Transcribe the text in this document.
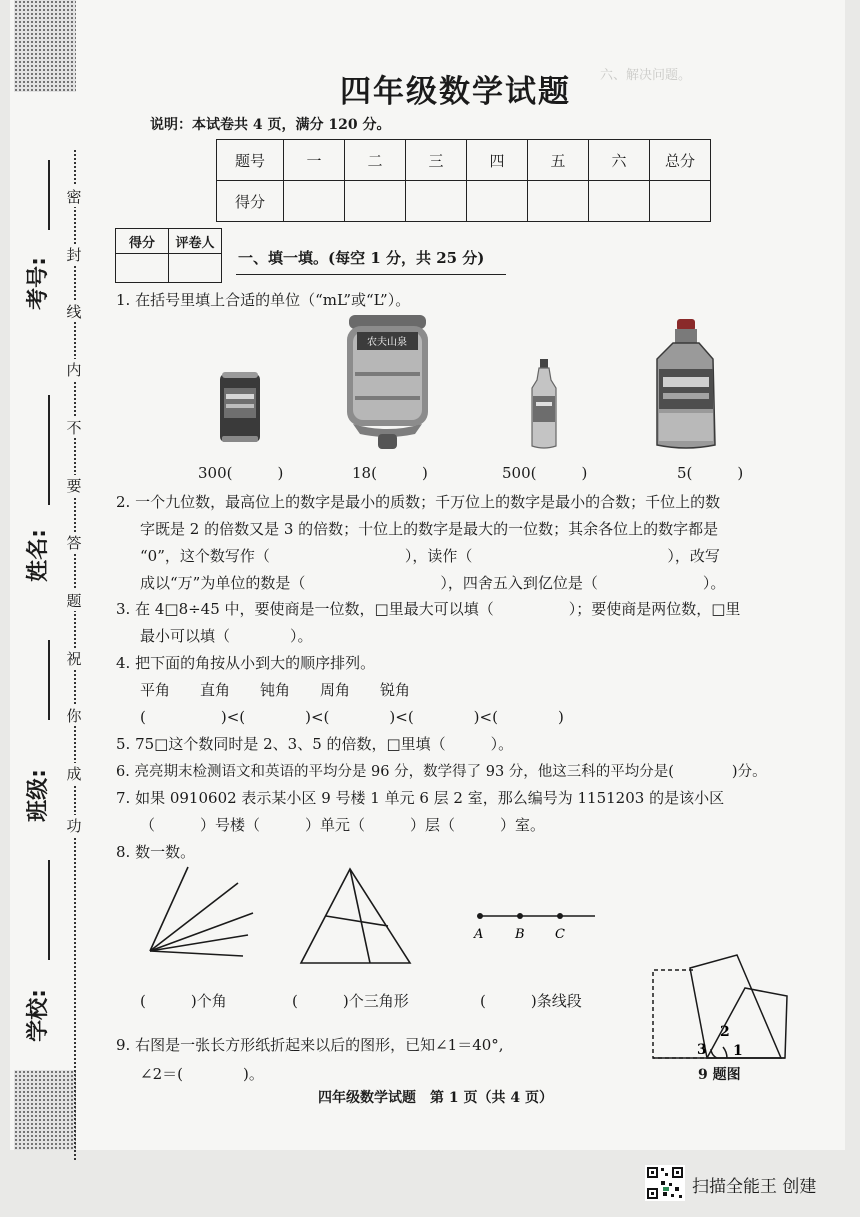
六、解决问题。　　　　　

密
封
线
内
不
要
答
题
祝
你
成
功
考号:
姓名:
班级:
学校:
四年级数学试题
说明：本试卷共 4 页，满分 120 分。
题号	一	二	三	四	五	六	总分
得分							
得分	评卷人

一、填一填。(每空 1 分，共 25 分)
1. 在括号里填上合适的单位（“mL”或“L”）。
农夫山泉
300(　　　)	18(　　　)	500(　　　)	5(　　　)
2. 一个九位数，最高位上的数字是最小的质数；千万位上的数字是最小的合数；千位上的数
字既是 2 的倍数又是 3 的倍数；十位上的数字是最大的一位数；其余各位上的数字都是
“0”，这个数写作（　　　　　　　　　），读作（　　　　　　　　　　　　　），改写
成以“万”为单位的数是（　　　　　　　　　），四舍五入到亿位是（　　　　　　　）。
3. 在 4□8÷45 中，要使商是一位数，□里最大可以填（　　　　　）；要使商是两位数，□里
最小可以填（　　　　）。
4. 把下面的角按从小到大的顺序排列。
平角　　直角　　钝角　　周角　　锐角
(　　　　　)<(　　　　)<(　　　　)<(　　　　)<(　　　　)
5. 75□这个数同时是 2、3、5 的倍数，□里填（　　　）。
6. 亮亮期末检测语文和英语的平均分是 96 分，数学得了 93 分，他这三科的平均分是(　　　　)分。
7. 如果 0910602 表示某小区 9 号楼 1 单元 6 层 2 室，那么编号为 1151203 的是该小区
（　　　）号楼（　　　）单元（　　　）层（　　　）室。
8. 数一数。
A B C
(　　　)个角	(　　　)个三角形	(　　　)条线段
9. 右图是一张长方形纸折起来以后的图形，已知∠1＝40°,
∠2＝(　　　　)。
3
2
1
9 题图
四年级数学试题　第 1 页（共 4 页）
扫描全能王 创建
